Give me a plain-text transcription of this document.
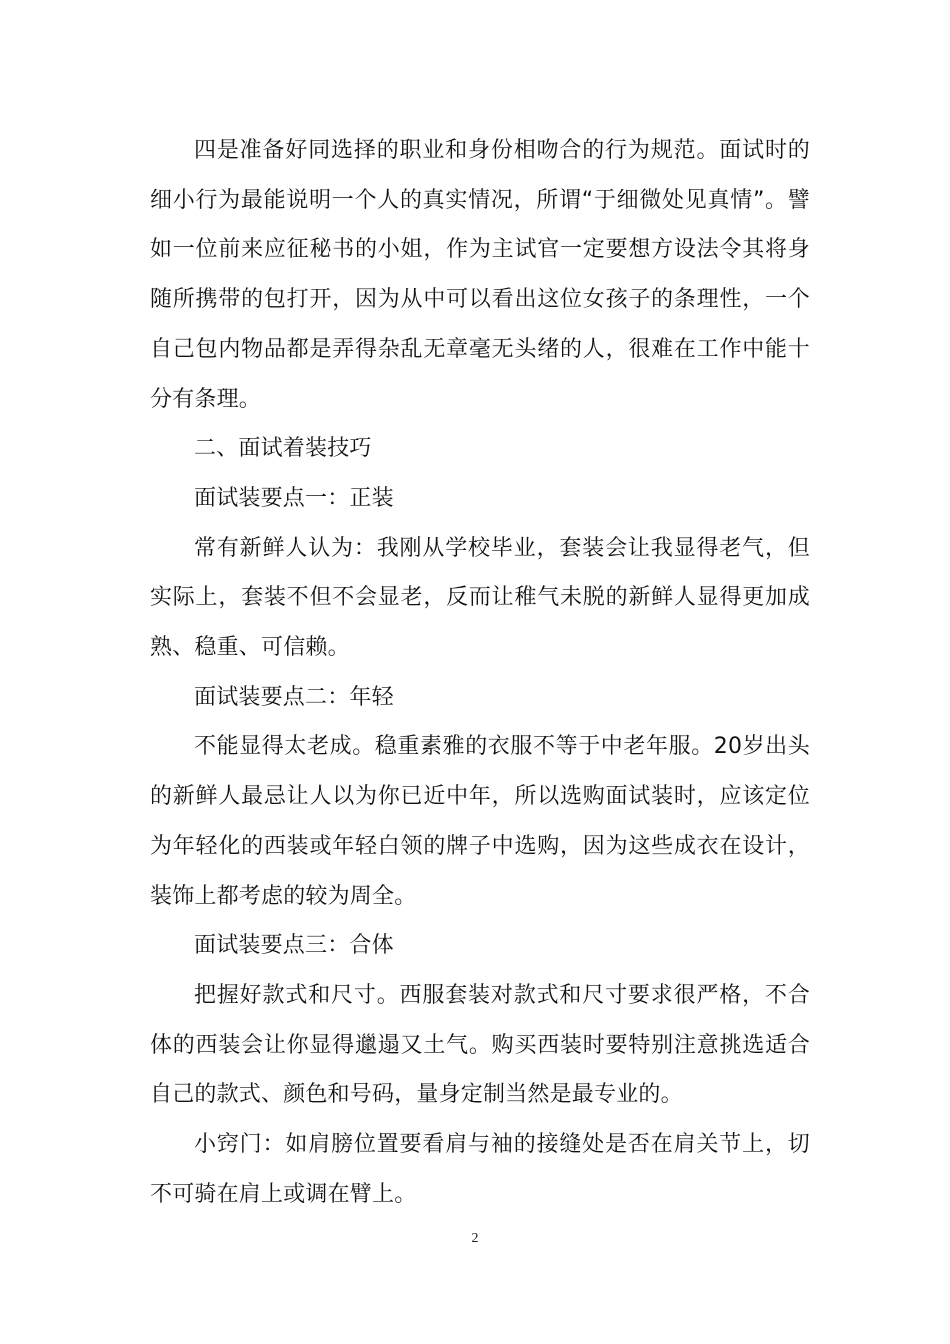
四是准备好同选择的职业和身份相吻合的行为规范。面试时的细小行为最能说明一个人的真实情况，所谓“于细微处见真情”。譬如一位前来应征秘书的小姐，作为主试官一定要想方设法令其将身随所携带的包打开，因为从中可以看出这位女孩子的条理性，一个自己包内物品都是弄得杂乱无章毫无头绪的人，很难在工作中能十分有条理。

二、面试着装技巧

面试装要点一：正装

常有新鲜人认为：我刚从学校毕业，套装会让我显得老气，但实际上，套装不但不会显老，反而让稚气未脱的新鲜人显得更加成熟、稳重、可信赖。

面试装要点二：年轻

不能显得太老成。稳重素雅的衣服不等于中老年服。20岁出头的新鲜人最忌让人以为你已近中年，所以选购面试装时，应该定位为年轻化的西装或年轻白领的牌子中选购，因为这些成衣在设计，装饰上都考虑的较为周全。

面试装要点三：合体

把握好款式和尺寸。西服套装对款式和尺寸要求很严格，不合体的西装会让你显得邋遢又土气。购买西装时要特别注意挑选适合自己的款式、颜色和号码，量身定制当然是最专业的。

小窍门：如肩膀位置要看肩与袖的接缝处是否在肩关节上，切不可骑在肩上或调在臂上。

2
